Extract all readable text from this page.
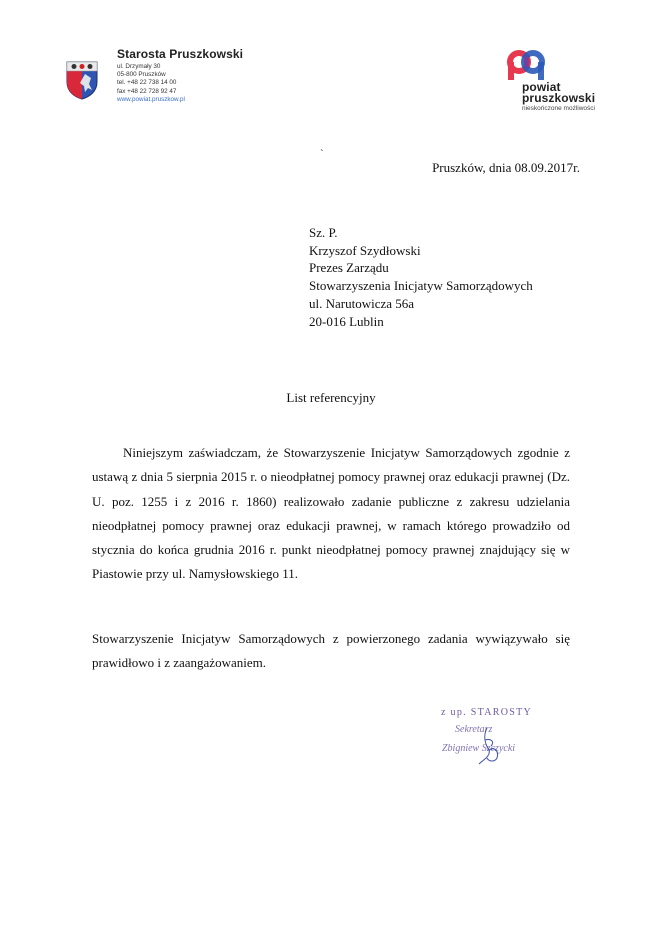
Starosta Pruszkowski
ul. Drzymały 30
05-800 Pruszków
tel. +48 22 738 14 00
fax +48 22 728 92 47
www.powiat.pruszkow.pl
powiat
pruszkowski
nieskończone możliwości
`
Pruszków, dnia 08.09.2017r.
Sz. P.
Krzyszof Szydłowski
Prezes Zarządu
Stowarzyszenia Inicjatyw Samorządowych
ul. Narutowicza 56a
20-016 Lublin
List referencyjny
Niniejszym zaświadczam, że Stowarzyszenie Inicjatyw Samorządowych zgodnie z ustawą z dnia 5 sierpnia 2015 r. o nieodpłatnej pomocy prawnej oraz edukacji prawnej (Dz. U. poz. 1255 i z 2016 r. 1860) realizowało zadanie publiczne z zakresu udzielania nieodpłatnej pomocy prawnej oraz edukacji prawnej, w ramach którego prowadziło od stycznia do końca grudnia 2016 r. punkt nieodpłatnej pomocy prawnej znajdujący się w Piastowie przy ul. Namysłowskiego 11.
Stowarzyszenie Inicjatyw Samorządowych z powierzonego zadania wywiązywało się prawidłowo i z zaangażowaniem.
z up. STAROSTY
Sekretarz
Zbigniew Szczycki
